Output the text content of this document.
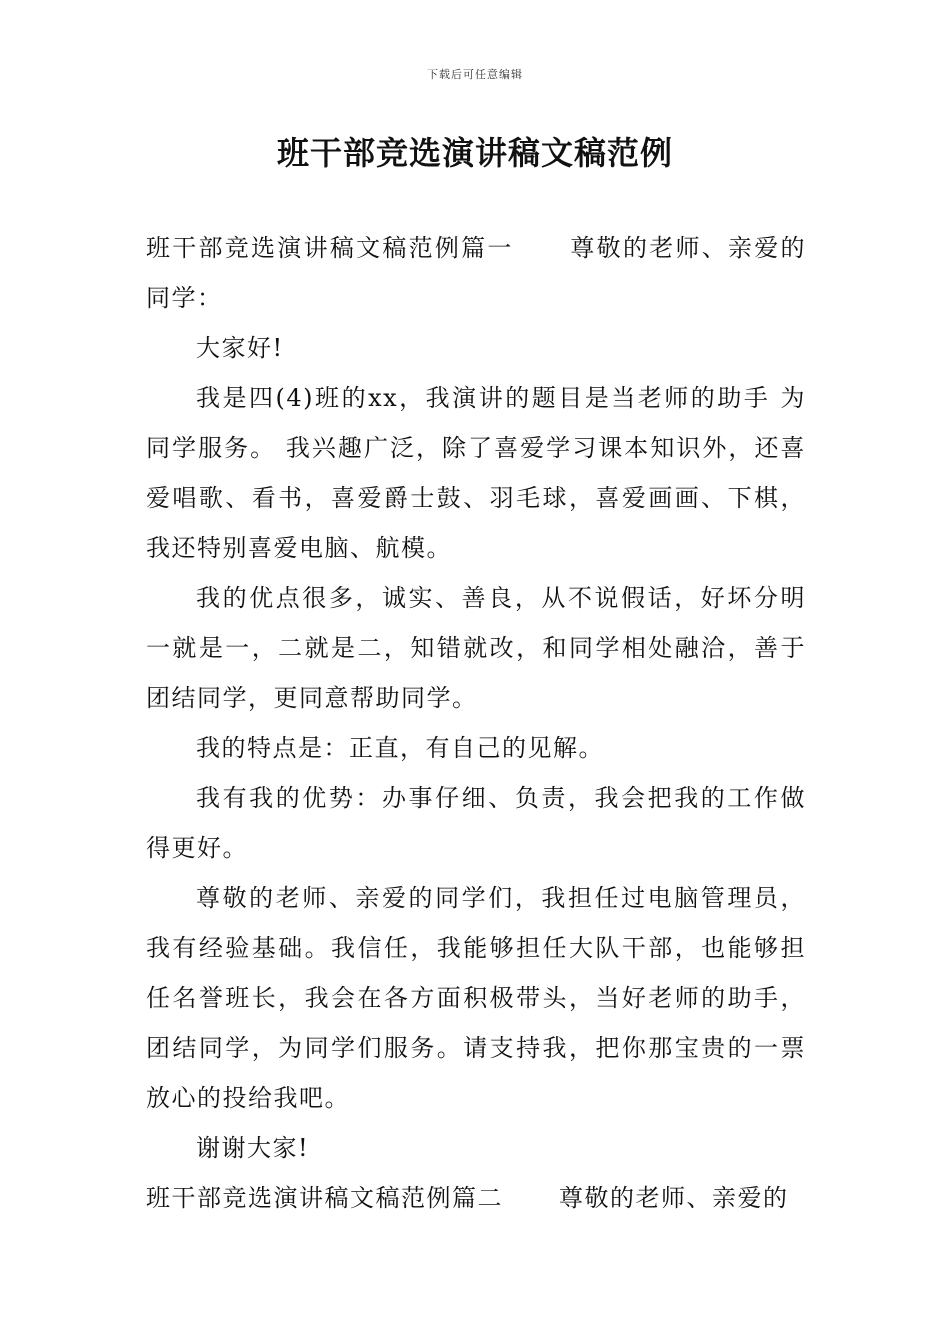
下载后可任意编辑
班干部竞选演讲稿文稿范例

班干部竞选演讲稿文稿范例篇一 尊敬的老师、亲爱的同学：

大家好!

我是四(4)班的xx，我演讲的题目是当老师的助手 为同学服务。 我兴趣广泛，除了喜爱学习课本知识外，还喜爱唱歌、看书，喜爱爵士鼓、羽毛球，喜爱画画、下棋，我还特别喜爱电脑、航模。

我的优点很多，诚实、善良，从不说假话，好坏分明一就是一，二就是二，知错就改，和同学相处融洽，善于团结同学，更同意帮助同学。

我的特点是：正直，有自己的见解。

我有我的优势：办事仔细、负责，我会把我的工作做得更好。

尊敬的老师、亲爱的同学们，我担任过电脑管理员，我有经验基础。我信任，我能够担任大队干部，也能够担任名誉班长，我会在各方面积极带头，当好老师的助手，团结同学，为同学们服务。请支持我，把你那宝贵的一票放心的投给我吧。

谢谢大家!

班干部竞选演讲稿文稿范例篇二 尊敬的老师、亲爱的
